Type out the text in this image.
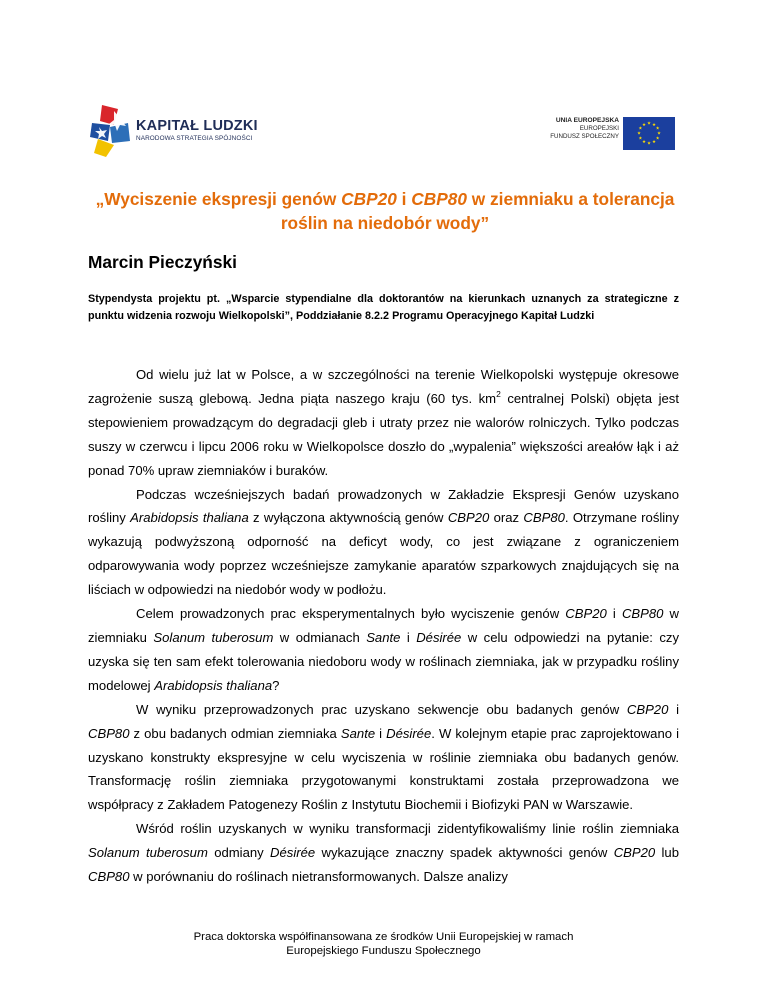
KAPITAŁ LUDZKI
NARODOWA STRATEGIA SPÓJNOŚCI
UNIA EUROPEJSKA
EUROPEJSKI
FUNDUSZ SPOŁECZNY
★ ★
★
★
★
★
★
★
★
★
★
★
„Wyciszenie ekspresji genów CBP20 i CBP80 w ziemniaku a tolerancja roślin na niedobór wody”
Marcin Pieczyński
Stypendysta projektu pt. „Wsparcie stypendialne dla doktorantów na kierunkach uznanych za strategiczne z punktu widzenia rozwoju Wielkopolski”, Poddziałanie 8.2.2 Programu Operacyjnego Kapitał Ludzki

Od wielu już lat w Polsce, a w szczególności na terenie Wielkopolski występuje okresowe zagrożenie suszą glebową. Jedna piąta naszego kraju (60 tys. $km^2$ centralnej Polski) objęta jest stepowieniem prowadzącym do degradacji gleb i utraty przez nie walorów rolniczych. Tylko podczas suszy w czerwcu i lipcu 2006 roku w Wielkopolsce doszło do „wypalenia” większości areałów łąk i aż ponad 70% upraw ziemniaków i buraków.

Podczas wcześniejszych badań prowadzonych w Zakładzie Ekspresji Genów uzyskano rośliny Arabidopsis thaliana z wyłączona aktywnością genów CBP20 oraz CBP80. Otrzymane rośliny wykazują podwyższoną odporność na deficyt wody, co jest związane z ograniczeniem odparowywania wody poprzez wcześniejsze zamykanie aparatów szparkowych znajdujących się na liściach w odpowiedzi na niedobór wody w podłożu.

Celem prowadzonych prac eksperymentalnych było wyciszenie genów CBP20 i CBP80 w ziemniaku Solanum tuberosum w odmianach Sante i Désirée w celu odpowiedzi na pytanie: czy uzyska się ten sam efekt tolerowania niedoboru wody w roślinach ziemniaka, jak w przypadku rośliny modelowej Arabidopsis thaliana?

W wyniku przeprowadzonych prac uzyskano sekwencje obu badanych genów CBP20 i CBP80 z obu badanych odmian ziemniaka Sante i Désirée. W kolejnym etapie prac zaprojektowano i uzyskano konstrukty ekspresyjne w celu wyciszenia w roślinie ziemniaka obu badanych genów. Transformację roślin ziemniaka przygotowanymi konstruktami została przeprowadzona we współpracy z Zakładem Patogenezy Roślin z Instytutu Biochemii i Biofizyki PAN w Warszawie.

Wśród roślin uzyskanych w wyniku transformacji zidentyfikowaliśmy linie roślin ziemniaka Solanum tuberosum odmiany Désirée wykazujące znaczny spadek aktywności genów CBP20 lub CBP80 w porównaniu do roślinach nietransformowanych. Dalsze analizy

Praca doktorska współfinansowana ze środków Unii Europejskiej w ramach
Europejskiego Funduszu Społecznego
